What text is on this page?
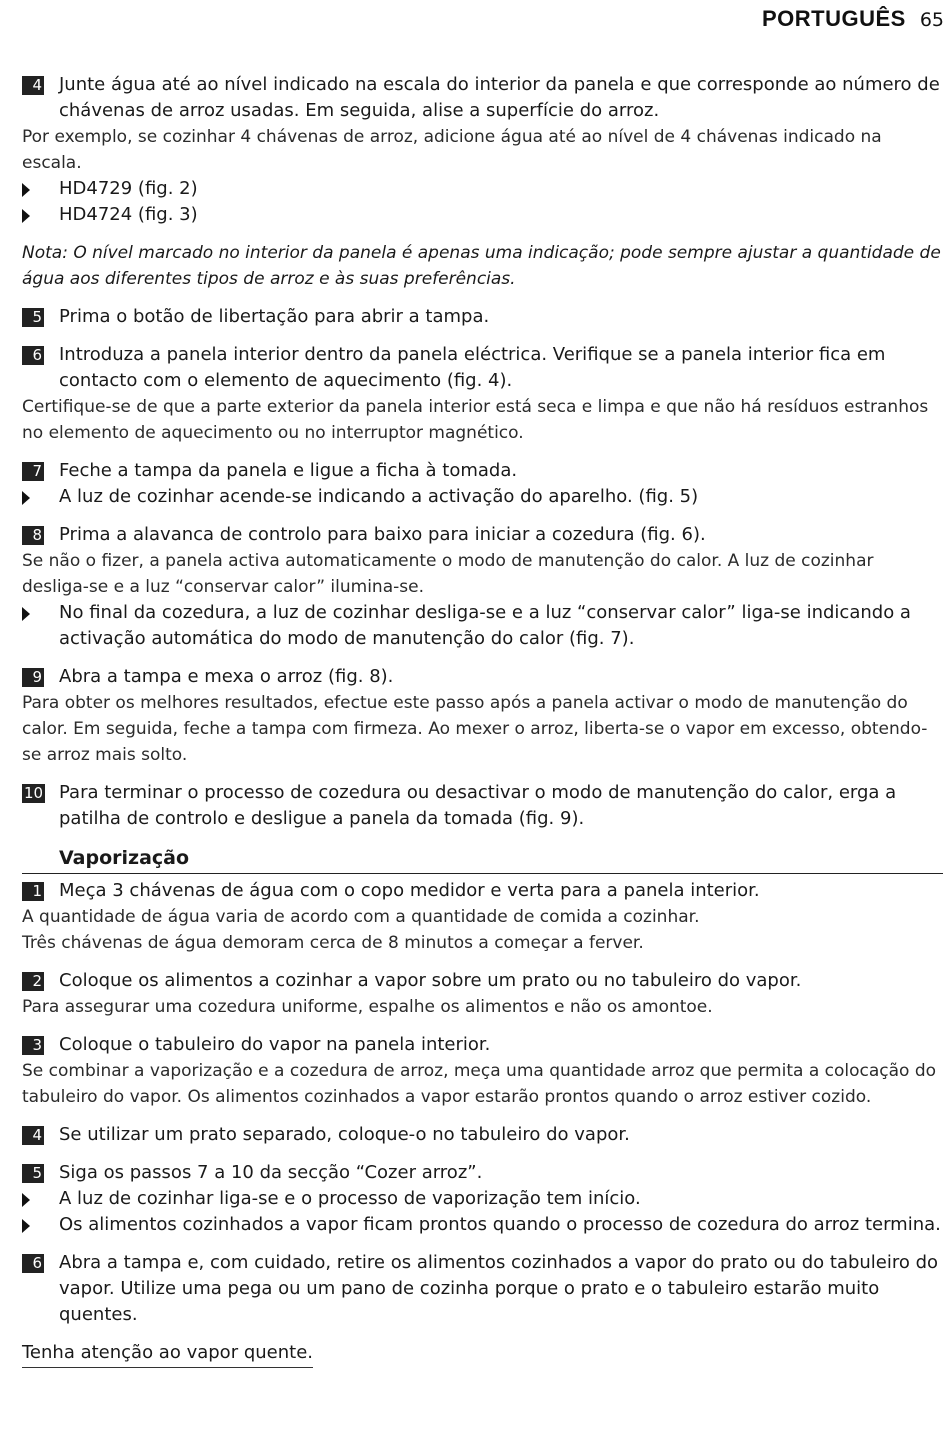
PORTUGUÊS 65
4 Junte água até ao nível indicado na escala do interior da panela e que corresponde ao número de chávenas de arroz usadas. Em seguida, alise a superfície do arroz.

Por exemplo, se cozinhar 4 chávenas de arroz, adicione água até ao nível de 4 chávenas indicado na escala.

HD4729 (fig. 2)
HD4724 (fig. 3)

Nota: O nível marcado no interior da panela é apenas uma indicação; pode sempre ajustar a quantidade de água aos diferentes tipos de arroz e às suas preferências.

5 Prima o botão de libertação para abrir a tampa.
6 Introduza a panela interior dentro da panela eléctrica. Verifique se a panela interior fica em contacto com o elemento de aquecimento (fig. 4).

Certifique-se de que a parte exterior da panela interior está seca e limpa e que não há resíduos estranhos no elemento de aquecimento ou no interruptor magnético.

7 Feche a tampa da panela e ligue a ficha à tomada.
A luz de cozinhar acende-se indicando a activação do aparelho. (fig. 5)
8 Prima a alavanca de controlo para baixo para iniciar a cozedura (fig. 6).

Se não o fizer, a panela activa automaticamente o modo de manutenção do calor. A luz de cozinhar desliga-se e a luz “conservar calor” ilumina-se.

No final da cozedura, a luz de cozinhar desliga-se e a luz “conservar calor” liga-se indicando a activação automática do modo de manutenção do calor (fig. 7).
9 Abra a tampa e mexa o arroz (fig. 8).

Para obter os melhores resultados, efectue este passo após a panela activar o modo de manutenção do calor. Em seguida, feche a tampa com firmeza. Ao mexer o arroz, liberta-se o vapor em excesso, obtendo-se arroz mais solto.

10 Para terminar o processo de cozedura ou desactivar o modo de manutenção do calor, erga a patilha de controlo e desligue a panela da tomada (fig. 9).
Vaporização
1 Meça 3 chávenas de água com o copo medidor e verta para a panela interior.

A quantidade de água varia de acordo com a quantidade de comida a cozinhar.

Três chávenas de água demoram cerca de 8 minutos a começar a ferver.

2 Coloque os alimentos a cozinhar a vapor sobre um prato ou no tabuleiro do vapor.

Para assegurar uma cozedura uniforme, espalhe os alimentos e não os amontoe.

3 Coloque o tabuleiro do vapor na panela interior.

Se combinar a vaporização e a cozedura de arroz, meça uma quantidade arroz que permita a colocação do tabuleiro do vapor. Os alimentos cozinhados a vapor estarão prontos quando o arroz estiver cozido.

4 Se utilizar um prato separado, coloque-o no tabuleiro do vapor.
5 Siga os passos 7 a 10 da secção “Cozer arroz”.
A luz de cozinhar liga-se e o processo de vaporização tem início.
Os alimentos cozinhados a vapor ficam prontos quando o processo de cozedura do arroz termina.
6 Abra a tampa e, com cuidado, retire os alimentos cozinhados a vapor do prato ou do tabuleiro do vapor. Utilize uma pega ou um pano de cozinha porque o prato e o tabuleiro estarão muito quentes.
Tenha atenção ao vapor quente.
